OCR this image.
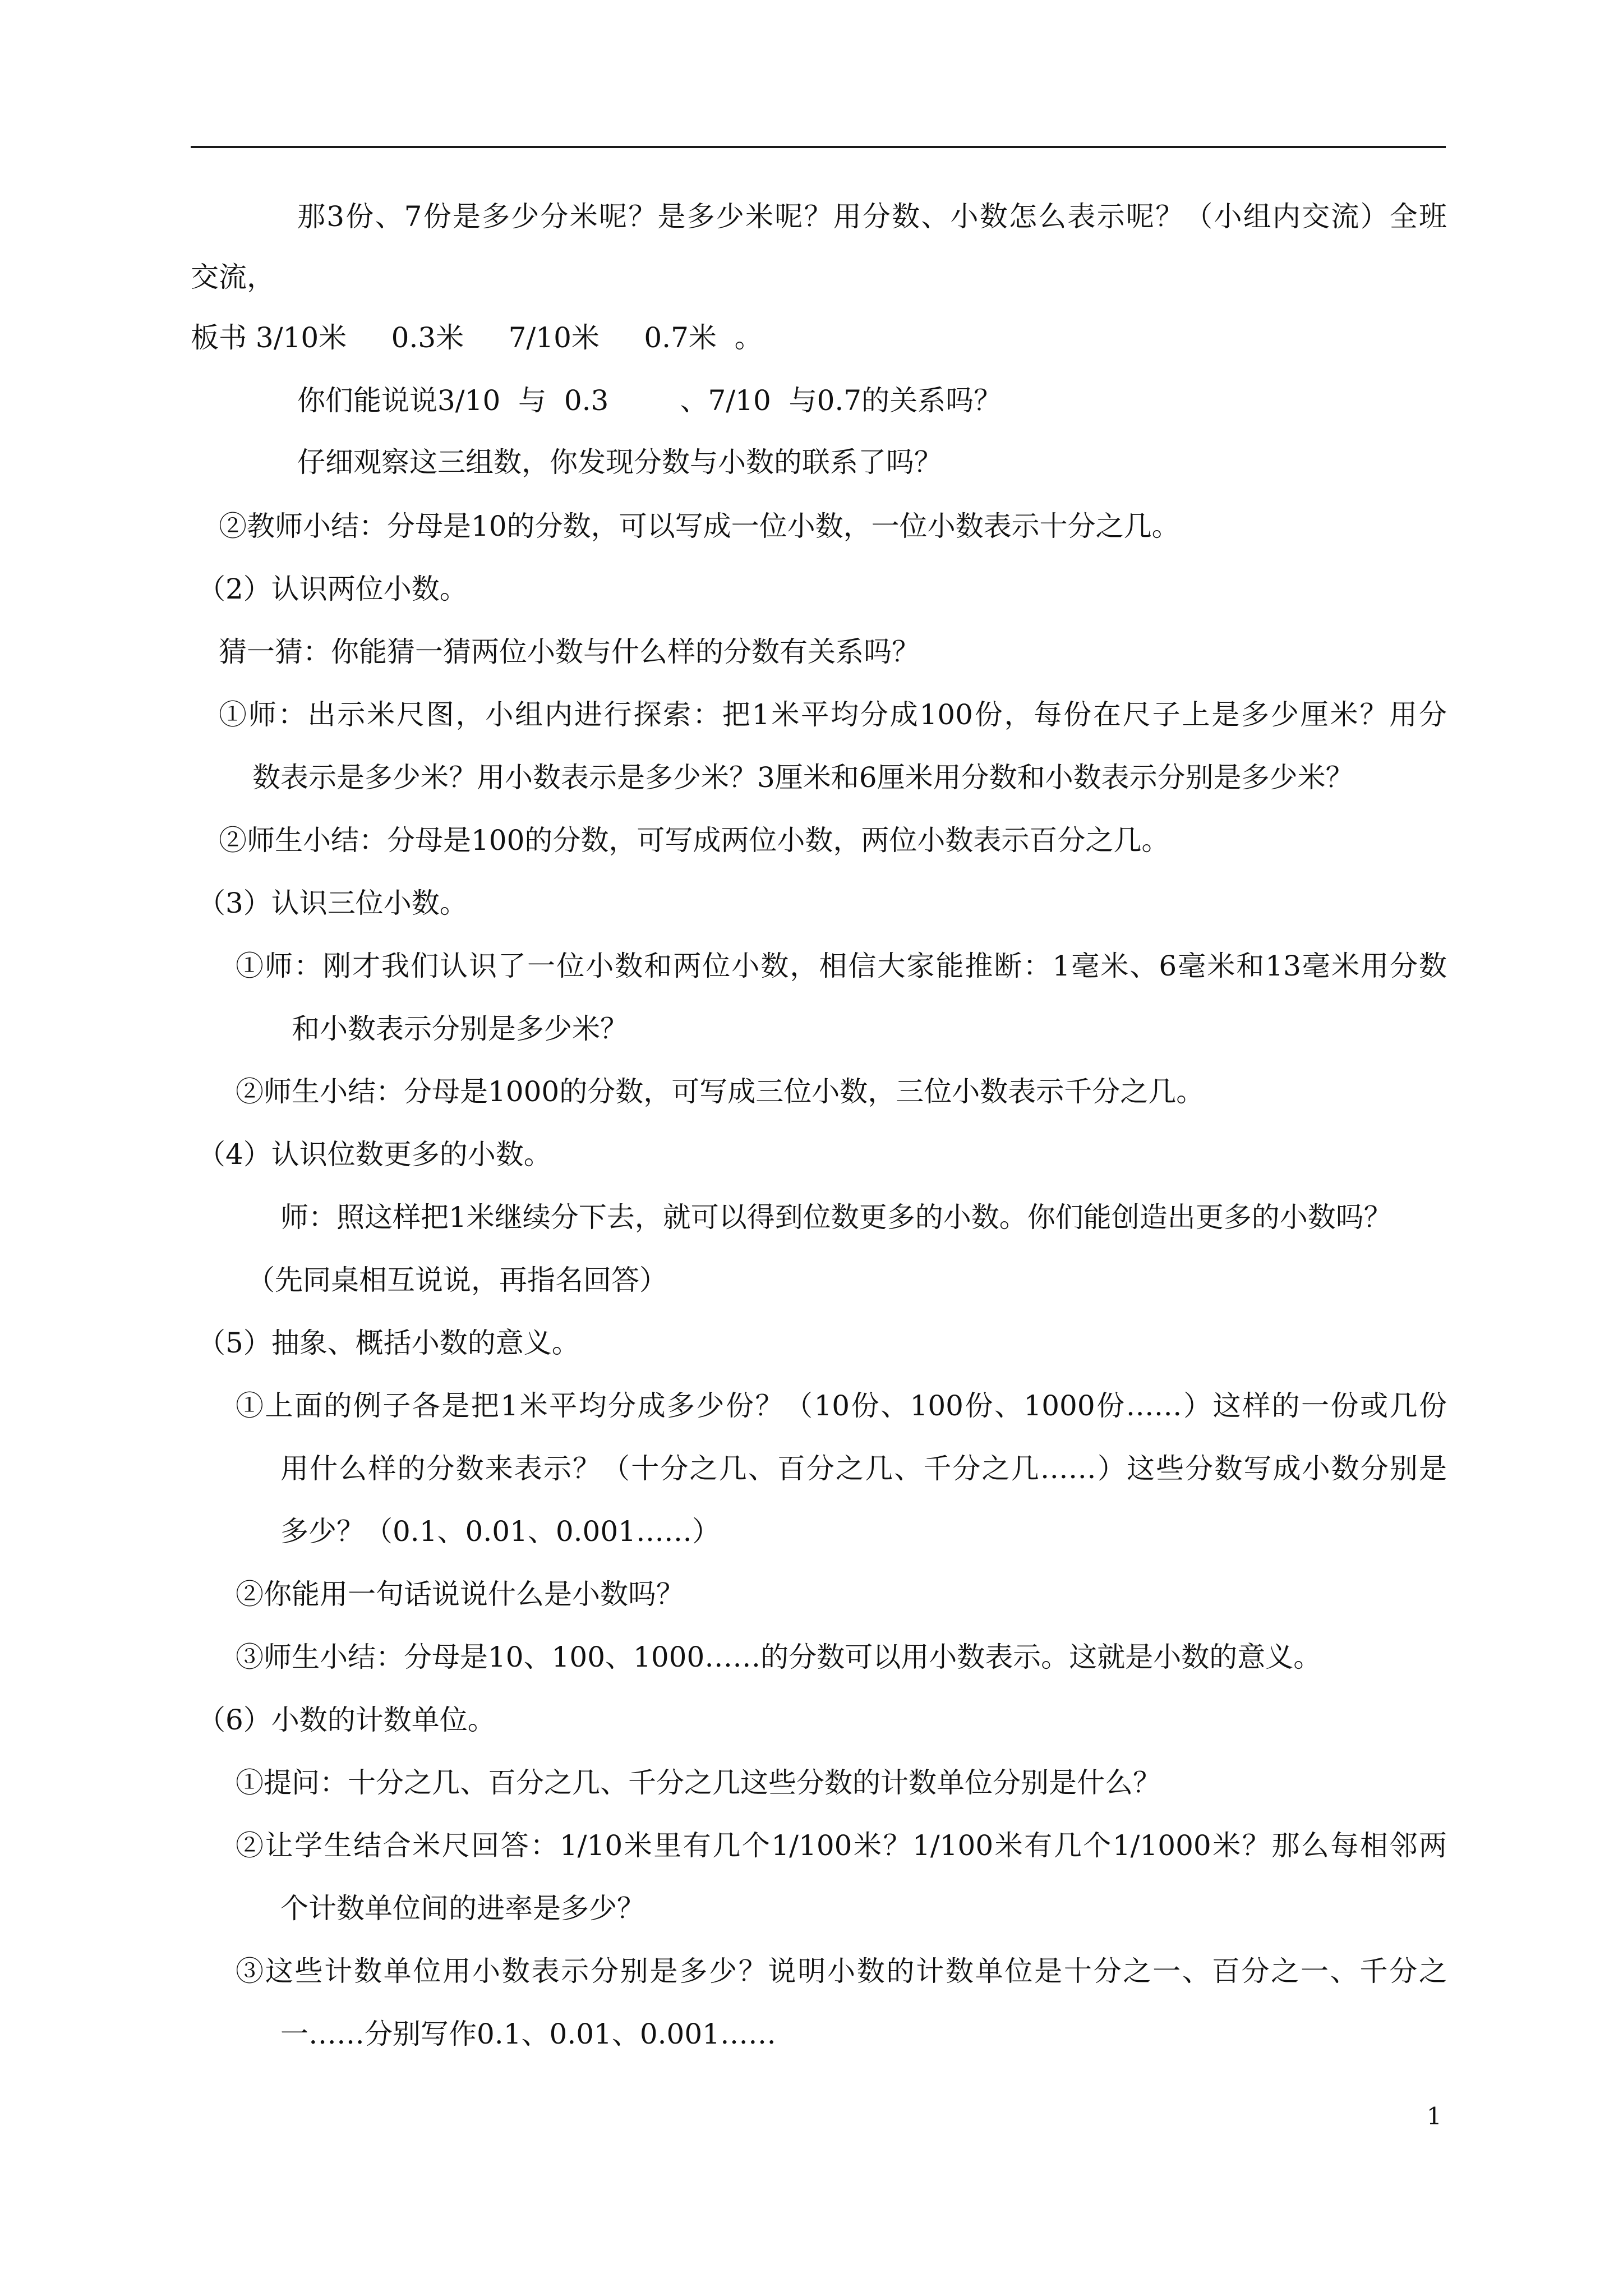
那3份、7份是多少分米呢？是多少米呢？用分数、小数怎么表示呢？（小组内交流）全班
交流，
板书 3/10米     0.3米     7/10米     0.7米  。
你们能说说3/10  与  0.3        、7/10  与0.7的关系吗？
仔细观察这三组数，你发现分数与小数的联系了吗？
②教师小结：分母是10的分数，可以写成一位小数，一位小数表示十分之几。
（2）认识两位小数。
猜一猜：你能猜一猜两位小数与什么样的分数有关系吗？
①师：出示米尺图，小组内进行探索：把1米平均分成100份，每份在尺子上是多少厘米？用分
数表示是多少米？用小数表示是多少米？3厘米和6厘米用分数和小数表示分别是多少米？
②师生小结：分母是100的分数，可写成两位小数，两位小数表示百分之几。
（3）认识三位小数。
①师：刚才我们认识了一位小数和两位小数，相信大家能推断：1毫米、6毫米和13毫米用分数
和小数表示分别是多少米？
②师生小结：分母是1000的分数，可写成三位小数，三位小数表示千分之几。
（4）认识位数更多的小数。
师：照这样把1米继续分下去，就可以得到位数更多的小数。你们能创造出更多的小数吗？
（先同桌相互说说，再指名回答）
（5）抽象、概括小数的意义。
①上面的例子各是把1米平均分成多少份？（10份、100份、1000份……）这样的一份或几份
用什么样的分数来表示？（十分之几、百分之几、千分之几……）这些分数写成小数分别是
多少？（0.1、0.01、0.001……）
②你能用一句话说说什么是小数吗？
③师生小结：分母是10、100、1000……的分数可以用小数表示。这就是小数的意义。
（6）小数的计数单位。
①提问：十分之几、百分之几、千分之几这些分数的计数单位分别是什么？
②让学生结合米尺回答：1/10米里有几个1/100米？1/100米有几个1/1000米？那么每相邻两
个计数单位间的进率是多少？
③这些计数单位用小数表示分别是多少？说明小数的计数单位是十分之一、百分之一、千分之
一……分别写作0.1、0.01、0.001……
1
